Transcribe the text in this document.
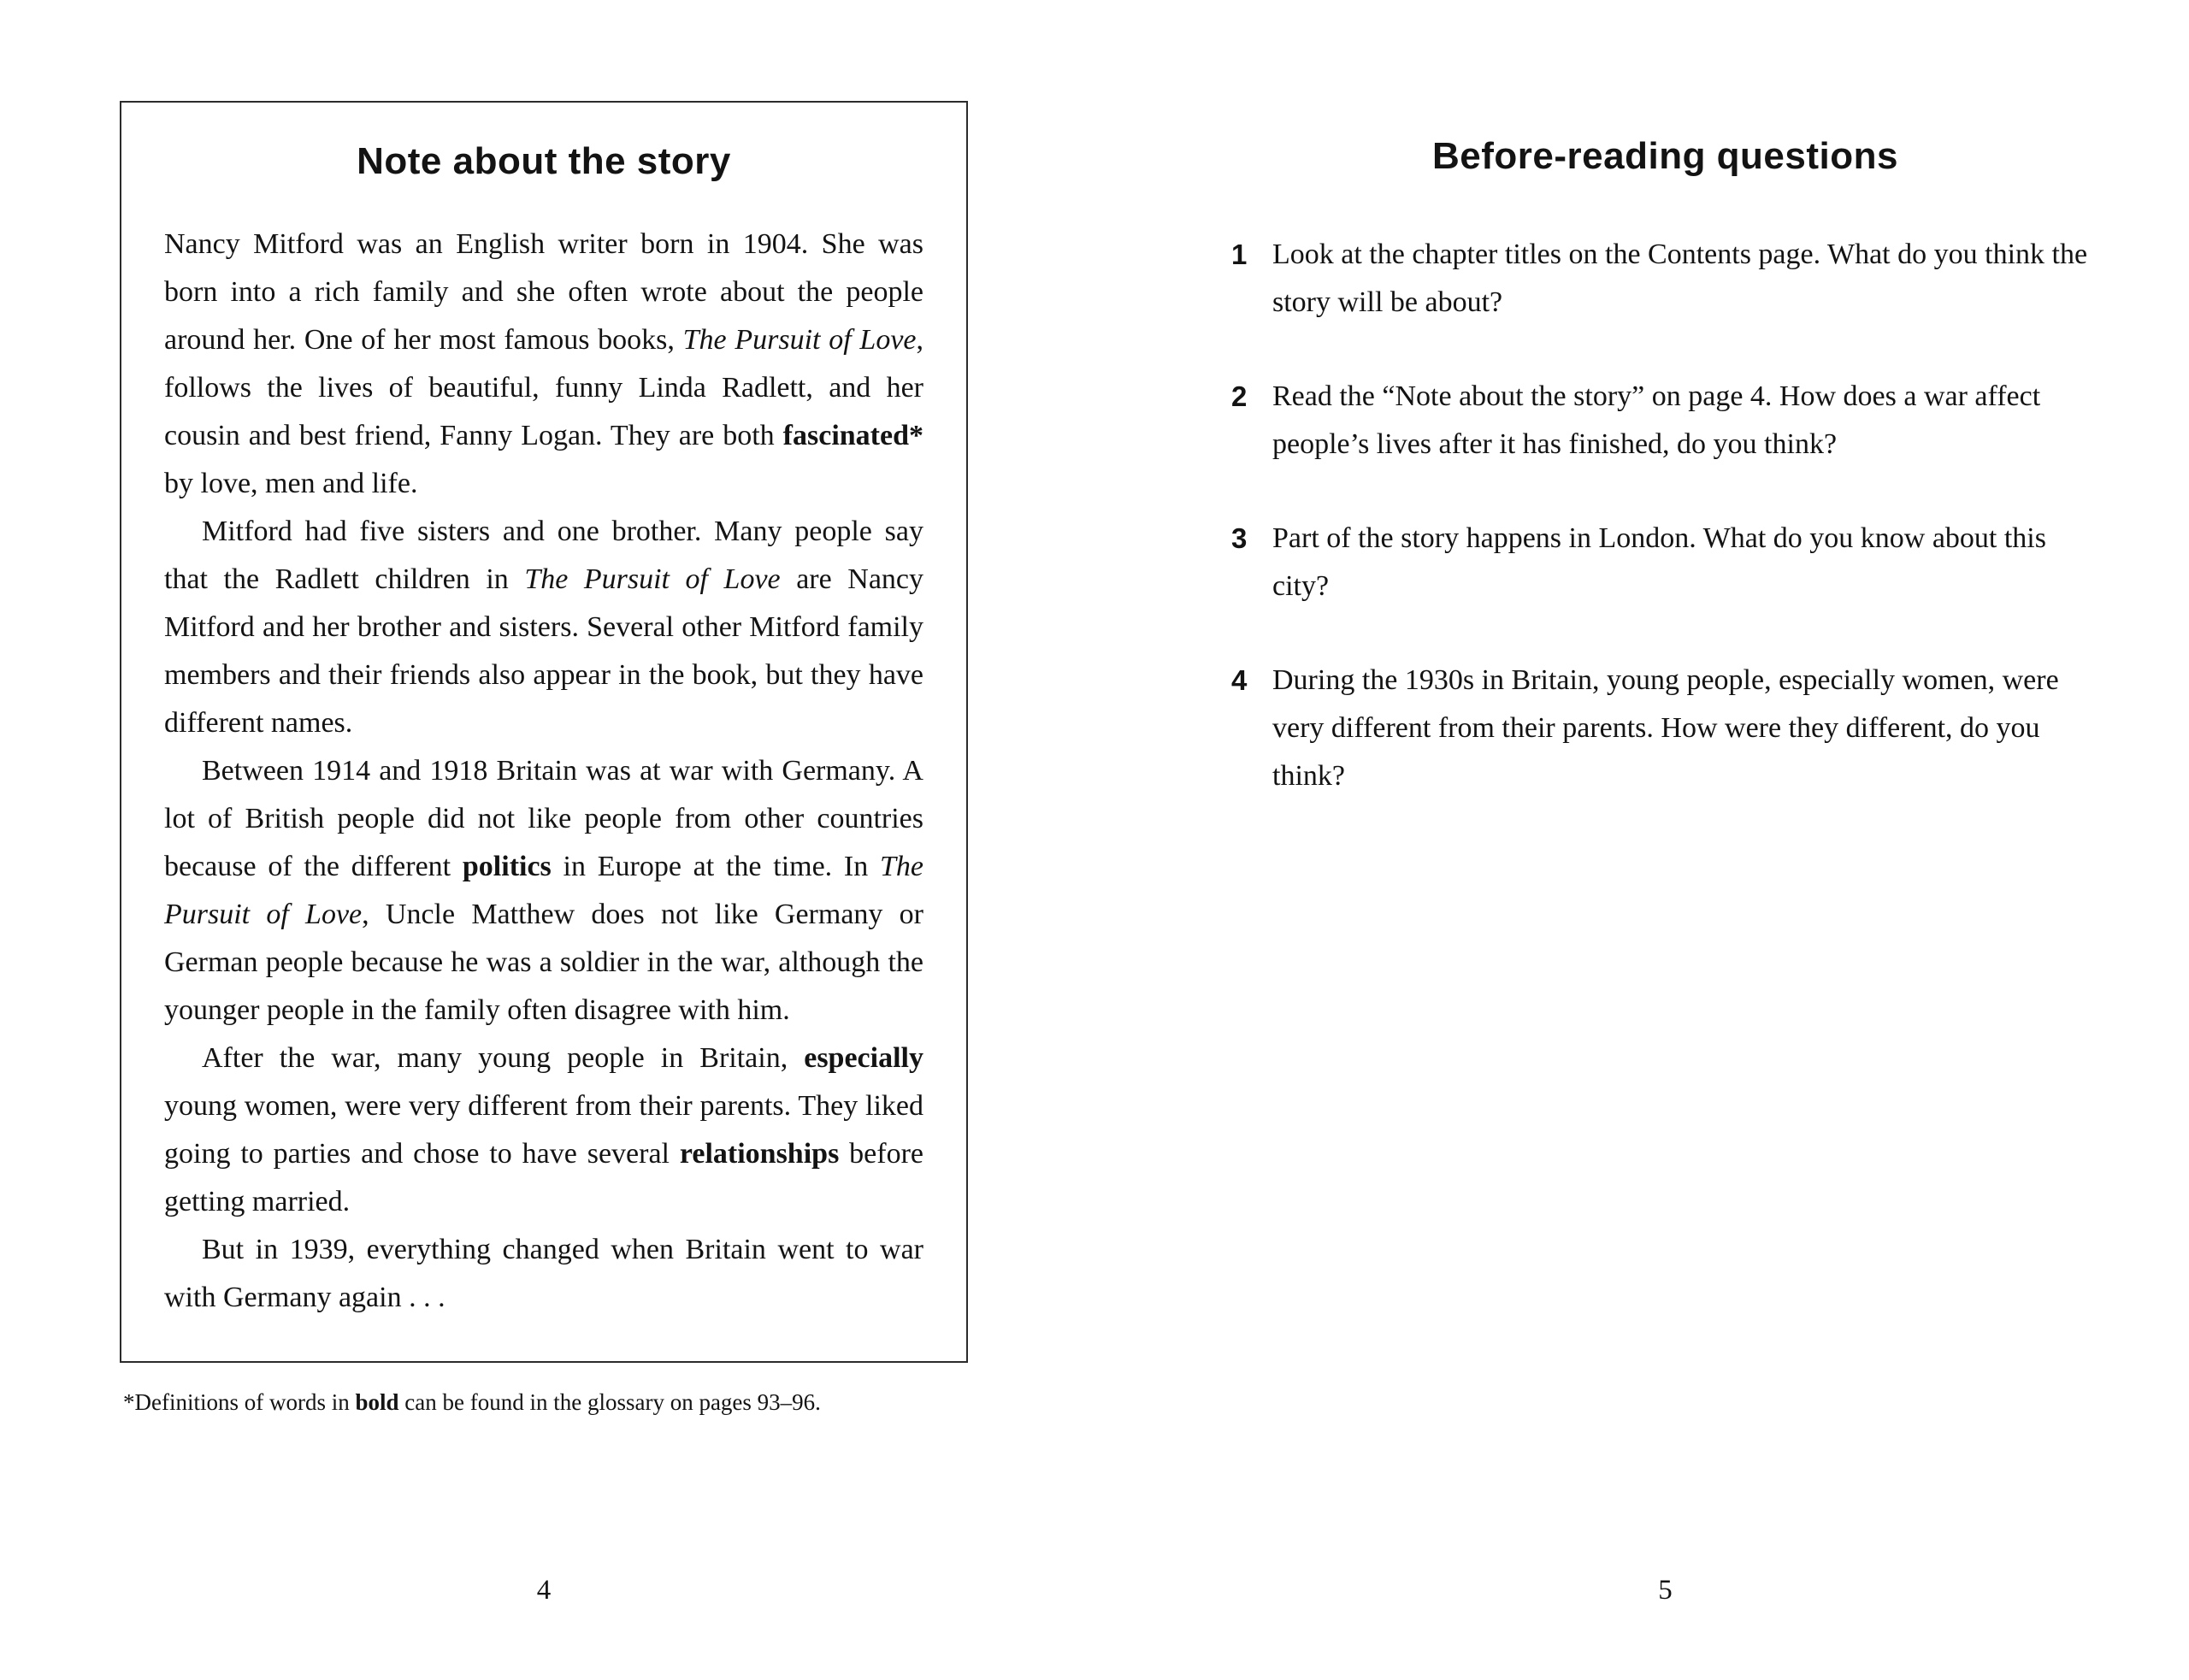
Note about the story

Nancy Mitford was an English writer born in 1904. She was born into a rich family and she often wrote about the people around her. One of her most famous books, The Pursuit of Love, follows the lives of beautiful, funny Linda Radlett, and her cousin and best friend, Fanny Logan. They are both fascinated* by love, men and life.

Mitford had five sisters and one brother. Many people say that the Radlett children in The Pursuit of Love are Nancy Mitford and her brother and sisters. Several other Mitford family members and their friends also appear in the book, but they have different names.

Between 1914 and 1918 Britain was at war with Germany. A lot of British people did not like people from other countries because of the different politics in Europe at the time. In The Pursuit of Love, Uncle Matthew does not like Germany or German people because he was a soldier in the war, although the younger people in the family often disagree with him.

After the war, many young people in Britain, especially young women, were very different from their parents. They liked going to parties and chose to have several relationships before getting married.

But in 1939, everything changed when Britain went to war with Germany again . . .

*Definitions of words in bold can be found in the glossary on pages 93–96.

Before-reading questions
1 Look at the chapter titles on the Contents page. What do you think the story will be about?
2 Read the “Note about the story” on page 4. How does a war affect people’s lives after it has finished, do you think?
3 Part of the story happens in London. What do you know about this city?
4 During the 1930s in Britain, young people, especially women, were very different from their parents. How were they different, do you think?
4	5
